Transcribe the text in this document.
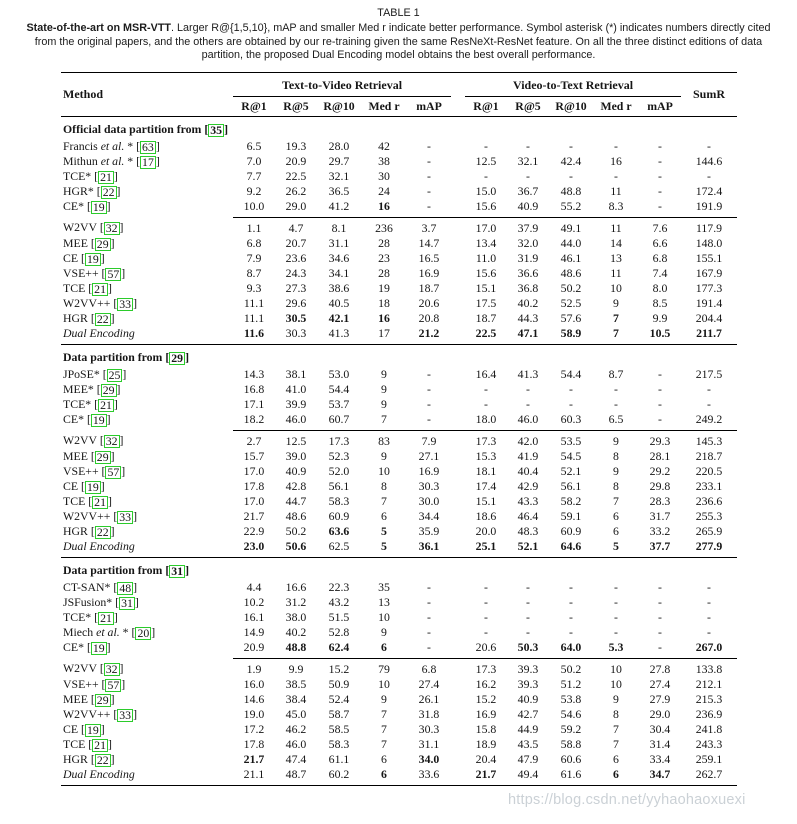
TABLE 1
State-of-the-art on MSR-VTT. Larger R@{1,5,10}, mAP and smaller Med r indicate better performance. Symbol asterisk (*) indicates numbers directly cited from the original papers, and the others are obtained by our re-training given the same ResNeXt-ResNet feature. On all the three distinct editions of data partition, the proposed Dual Encoding model obtains the best overall performance.
Method	Text-to-Video Retrieval					Video-to-Text Retrieval					SumR
	R@1	R@5	R@10	Med r	mAP	R@1	R@5	R@10	Med r	mAP	
Official data partition from [ 35 ]											
Francis et al. * [ 63 ]	6.5	19.3	28.0	42	-	-	-	-	-	-	-
Mithun et al. * [ 17 ]	7.0	20.9	29.7	38	-	12.5	32.1	42.4	16	-	144.6
TCE* [ 21 ]	7.7	22.5	32.1	30	-	-	-	-	-	-	-
HGR* [ 22 ]	9.2	26.2	36.5	24	-	15.0	36.7	48.8	11	-	172.4
CE* [ 19 ]	10.0	29.0	41.2	16	-	15.6	40.9	55.2	8.3	-	191.9
W2VV [ 32 ]	1.1	4.7	8.1	236	3.7	17.0	37.9	49.1	11	7.6	117.9
MEE [ 29 ]	6.8	20.7	31.1	28	14.7	13.4	32.0	44.0	14	6.6	148.0
CE [ 19 ]	7.9	23.6	34.6	23	16.5	11.0	31.9	46.1	13	6.8	155.1
VSE++ [ 57 ]	8.7	24.3	34.1	28	16.9	15.6	36.6	48.6	11	7.4	167.9
TCE [ 21 ]	9.3	27.3	38.6	19	18.7	15.1	36.8	50.2	10	8.0	177.3
W2VV++ [ 33 ]	11.1	29.6	40.5	18	20.6	17.5	40.2	52.5	9	8.5	191.4
HGR [ 22 ]	11.1	30.5	42.1	16	20.8	18.7	44.3	57.6	7	9.9	204.4
Dual Encoding	11.6	30.3	41.3	17	21.2	22.5	47.1	58.9	7	10.5	211.7
Data partition from [ 29 ]											
JPoSE* [ 25 ]	14.3	38.1	53.0	9	-	16.4	41.3	54.4	8.7	-	217.5
MEE* [ 29 ]	16.8	41.0	54.4	9	-	-	-	-	-	-	-
TCE* [ 21 ]	17.1	39.9	53.7	9	-	-	-	-	-	-	-
CE* [ 19 ]	18.2	46.0	60.7	7	-	18.0	46.0	60.3	6.5	-	249.2
W2VV [ 32 ]	2.7	12.5	17.3	83	7.9	17.3	42.0	53.5	9	29.3	145.3
MEE [ 29 ]	15.7	39.0	52.3	9	27.1	15.3	41.9	54.5	8	28.1	218.7
VSE++ [ 57 ]	17.0	40.9	52.0	10	16.9	18.1	40.4	52.1	9	29.2	220.5
CE [ 19 ]	17.8	42.8	56.1	8	30.3	17.4	42.9	56.1	8	29.8	233.1
TCE [ 21 ]	17.0	44.7	58.3	7	30.0	15.1	43.3	58.2	7	28.3	236.6
W2VV++ [ 33 ]	21.7	48.6	60.9	6	34.4	18.6	46.4	59.1	6	31.7	255.3
HGR [ 22 ]	22.9	50.2	63.6	5	35.9	20.0	48.3	60.9	6	33.2	265.9
Dual Encoding	23.0	50.6	62.5	5	36.1	25.1	52.1	64.6	5	37.7	277.9
Data partition from [ 31 ]											
CT-SAN* [ 48 ]	4.4	16.6	22.3	35	-	-	-	-	-	-	-
JSFusion* [ 31 ]	10.2	31.2	43.2	13	-	-	-	-	-	-	-
TCE* [ 21 ]	16.1	38.0	51.5	10	-	-	-	-	-	-	-
Miech et al. * [ 20 ]	14.9	40.2	52.8	9	-	-	-	-	-	-	-
CE* [ 19 ]	20.9	48.8	62.4	6	-	20.6	50.3	64.0	5.3	-	267.0
W2VV [ 32 ]	1.9	9.9	15.2	79	6.8	17.3	39.3	50.2	10	27.8	133.8
VSE++ [ 57 ]	16.0	38.5	50.9	10	27.4	16.2	39.3	51.2	10	27.4	212.1
MEE [ 29 ]	14.6	38.4	52.4	9	26.1	15.2	40.9	53.8	9	27.9	215.3
W2VV++ [ 33 ]	19.0	45.0	58.7	7	31.8	16.9	42.7	54.6	8	29.0	236.9
CE [ 19 ]	17.2	46.2	58.5	7	30.3	15.8	44.9	59.2	7	30.4	241.8
TCE [ 21 ]	17.8	46.0	58.3	7	31.1	18.9	43.5	58.8	7	31.4	243.3
HGR [ 22 ]	21.7	47.4	61.1	6	34.0	20.4	47.9	60.6	6	33.4	259.1
Dual Encoding	21.1	48.7	60.2	6	33.6	21.7	49.4	61.6	6	34.7	262.7
https://blog.csdn.net/yyhaohaoxuexi
